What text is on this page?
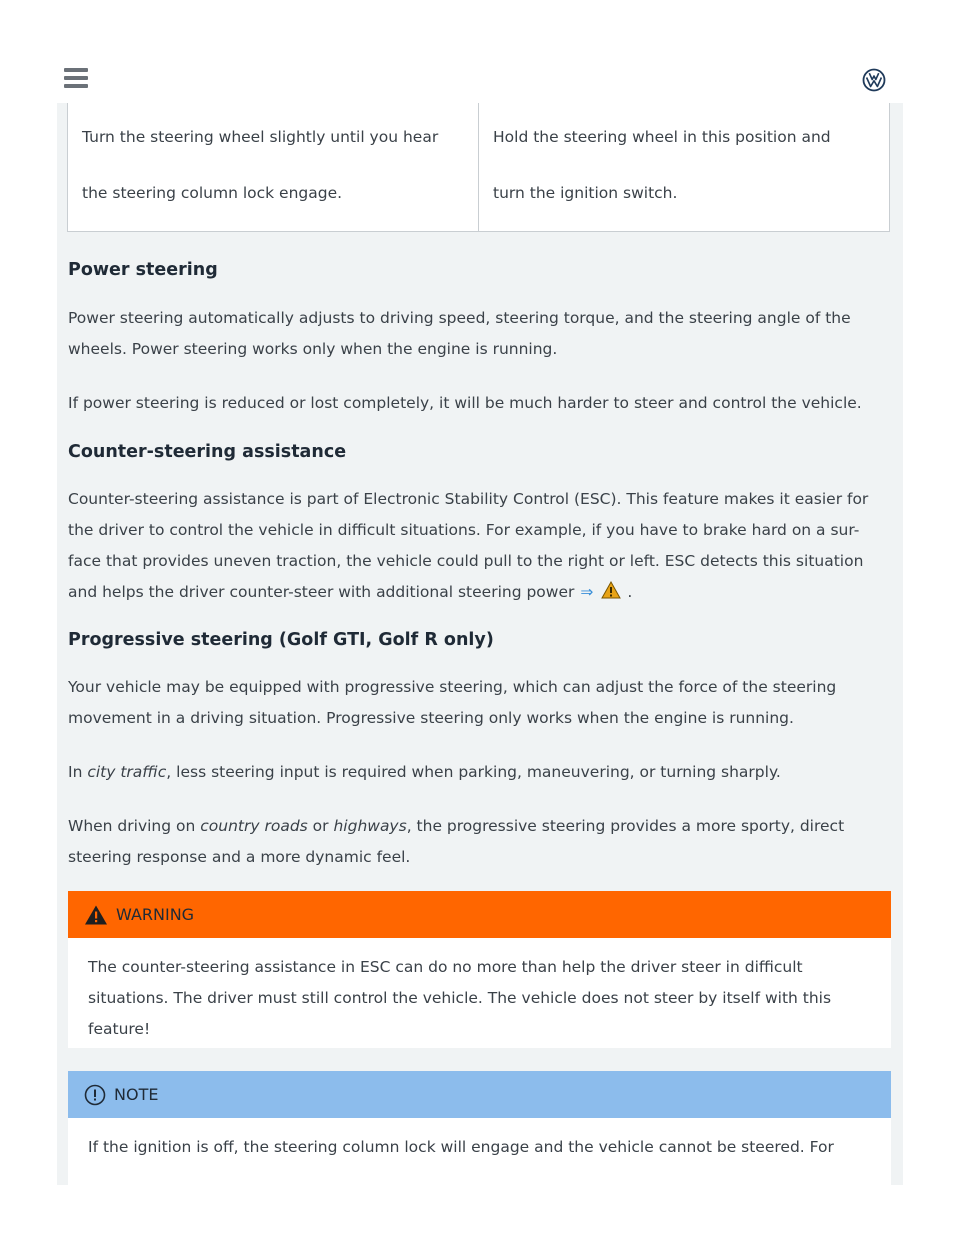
Turn the steering wheel slightly until you hear

the steering column lock engage.

Hold the steering wheel in this position and

turn the ignition switch.

Power steering

Power steering automatically adjusts to driving speed, steering torque, and the steering angle of the
wheels. Power steering works only when the engine is running.

If power steering is reduced or lost completely, it will be much harder to steer and control the vehicle.

Counter-steering assistance

Counter-steering assistance is part of Electronic Stability Control (ESC). This feature makes it easier for
the driver to control the vehicle in difficult situations. For example, if you have to brake hard on a sur-
face that provides uneven traction, the vehicle could pull to the right or left. ESC detects this situation
and helps the driver counter-steer with additional steering power ⇒ .

Progressive steering (Golf GTI, Golf R only)

Your vehicle may be equipped with progressive steering, which can adjust the force of the steering
movement in a driving situation. Progressive steering only works when the engine is running.

In city traffic, less steering input is required when parking, maneuvering, or turning sharply.

When driving on country roads or highways, the progressive steering provides a more sporty, direct
steering response and a more dynamic feel.

WARNING
The counter-steering assistance in ESC can do no more than help the driver steer in difficult
situations. The driver must still control the vehicle. The vehicle does not steer by itself with this
feature!
NOTE
If the ignition is off, the steering column lock will engage and the vehicle cannot be steered. For
